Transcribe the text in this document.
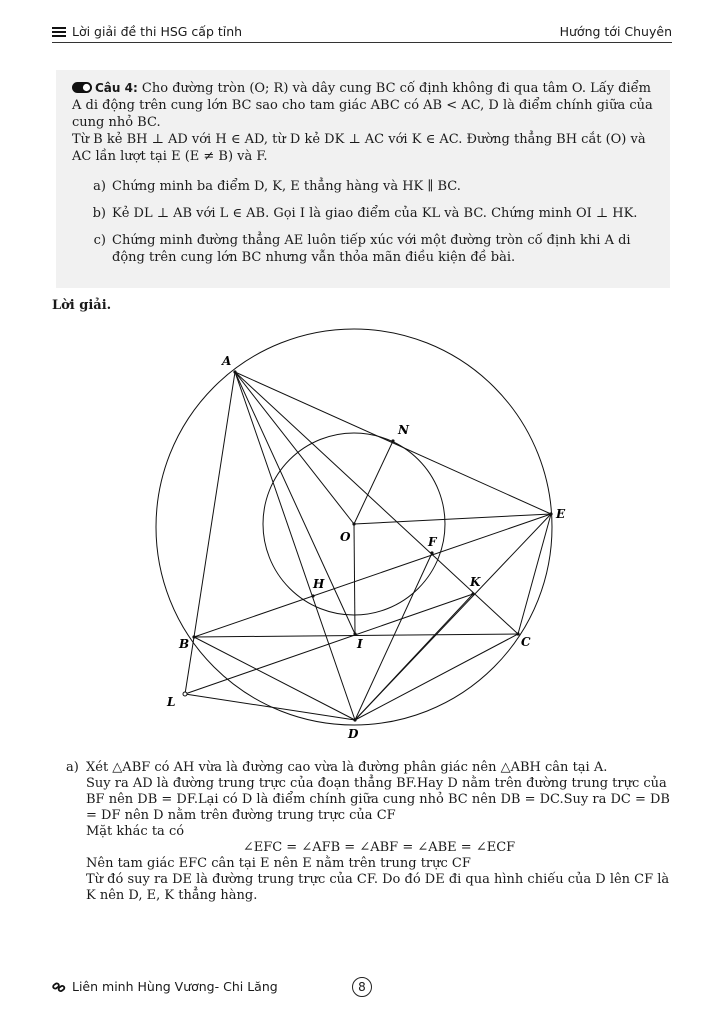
Lời giải đề thi HSG cấp tỉnh	Hướng tới Chuyên

Câu 4: Cho đường tròn (O; R) và dây cung BC cố định không đi qua tâm O. Lấy điểm A di động trên cung lớn BC sao cho tam giác ABC có AB < AC, D là điểm chính giữa của cung nhỏ BC.

Từ B kẻ BH ⊥ AD với H ∈ AD, từ D kẻ DK ⊥ AC với K ∈ AC. Đường thẳng BH cắt (O) và AC lần lượt tại E (E ≠ B) và F.

a) Chứng minh ba điểm D, K, E thẳng hàng và HK ∥ BC.
b) Kẻ DL ⊥ AB với L ∈ AB. Gọi I là giao điểm của KL và BC. Chứng minh OI ⊥ HK.
c) Chứng minh đường thẳng AE luôn tiếp xúc với một đường tròn cố định khi A di động trên cung lớn BC nhưng vẫn thỏa mãn điều kiện đề bài.
Lời giải.
A
N
E
O	F
H	K
B	I	C
L
D
a) Xét △ABF có AH vừa là đường cao vừa là đường phân giác nên △ABH cân tại A.

Suy ra AD là đường trung trực của đoạn thẳng BF.Hay D nằm trên đường trung trực của BF nên DB = DF.Lại có D là điểm chính giữa cung nhỏ BC nên DB = DC.Suy ra DC = DB = DF nên D nằm trên đường trung trực của CF

Mặt khác ta có

∠EFC = ∠AFB = ∠ABF = ∠ABE = ∠ECF

Nên tam giác EFC cân tại E nên E nằm trên trung trực CF

Từ đó suy ra DE là đường trung trực của CF. Do đó DE đi qua hình chiếu của D lên CF là K nên D, E, K thẳng hàng.

Liên minh Hùng Vương- Chi Lăng	8
